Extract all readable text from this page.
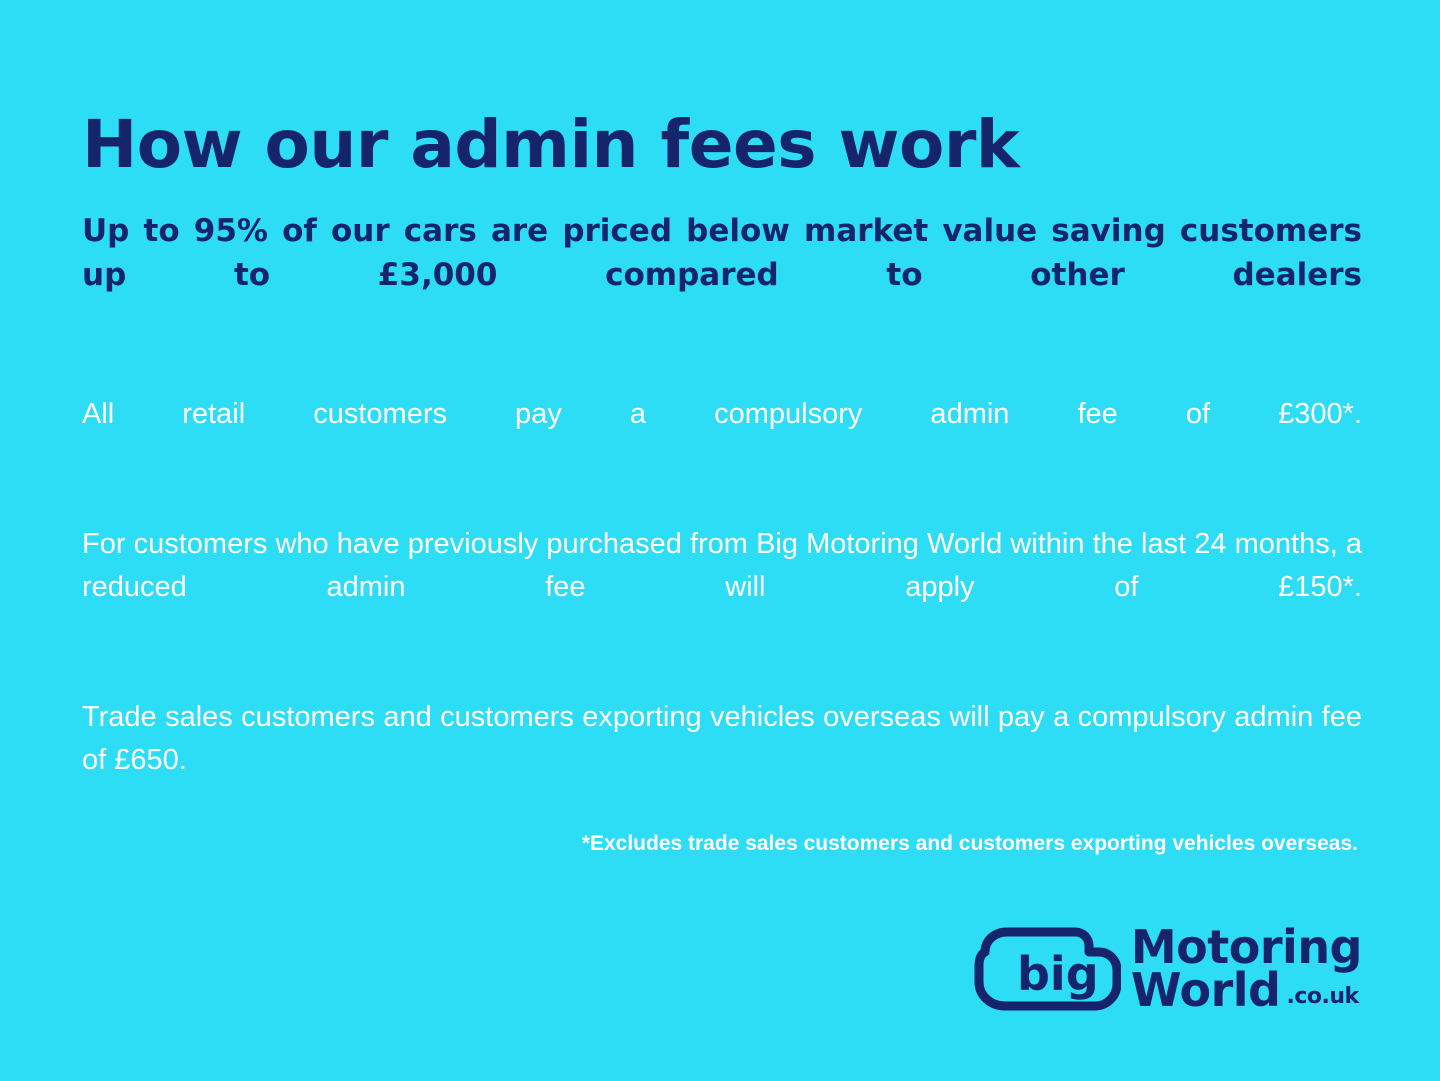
How our admin fees work

Up to 95% of our cars are priced below market value saving customers up to £3,000 compared to other dealers

All retail customers pay a compulsory admin fee of £300*.

For customers who have previously purchased from Big Motoring World within the last 24 months, a reduced admin fee will apply of £150*.

Trade sales customers and customers exporting vehicles overseas will pay a compulsory admin fee of £650.

*Excludes trade sales customers and customers exporting vehicles overseas.
big Motoring
World .co.uk
